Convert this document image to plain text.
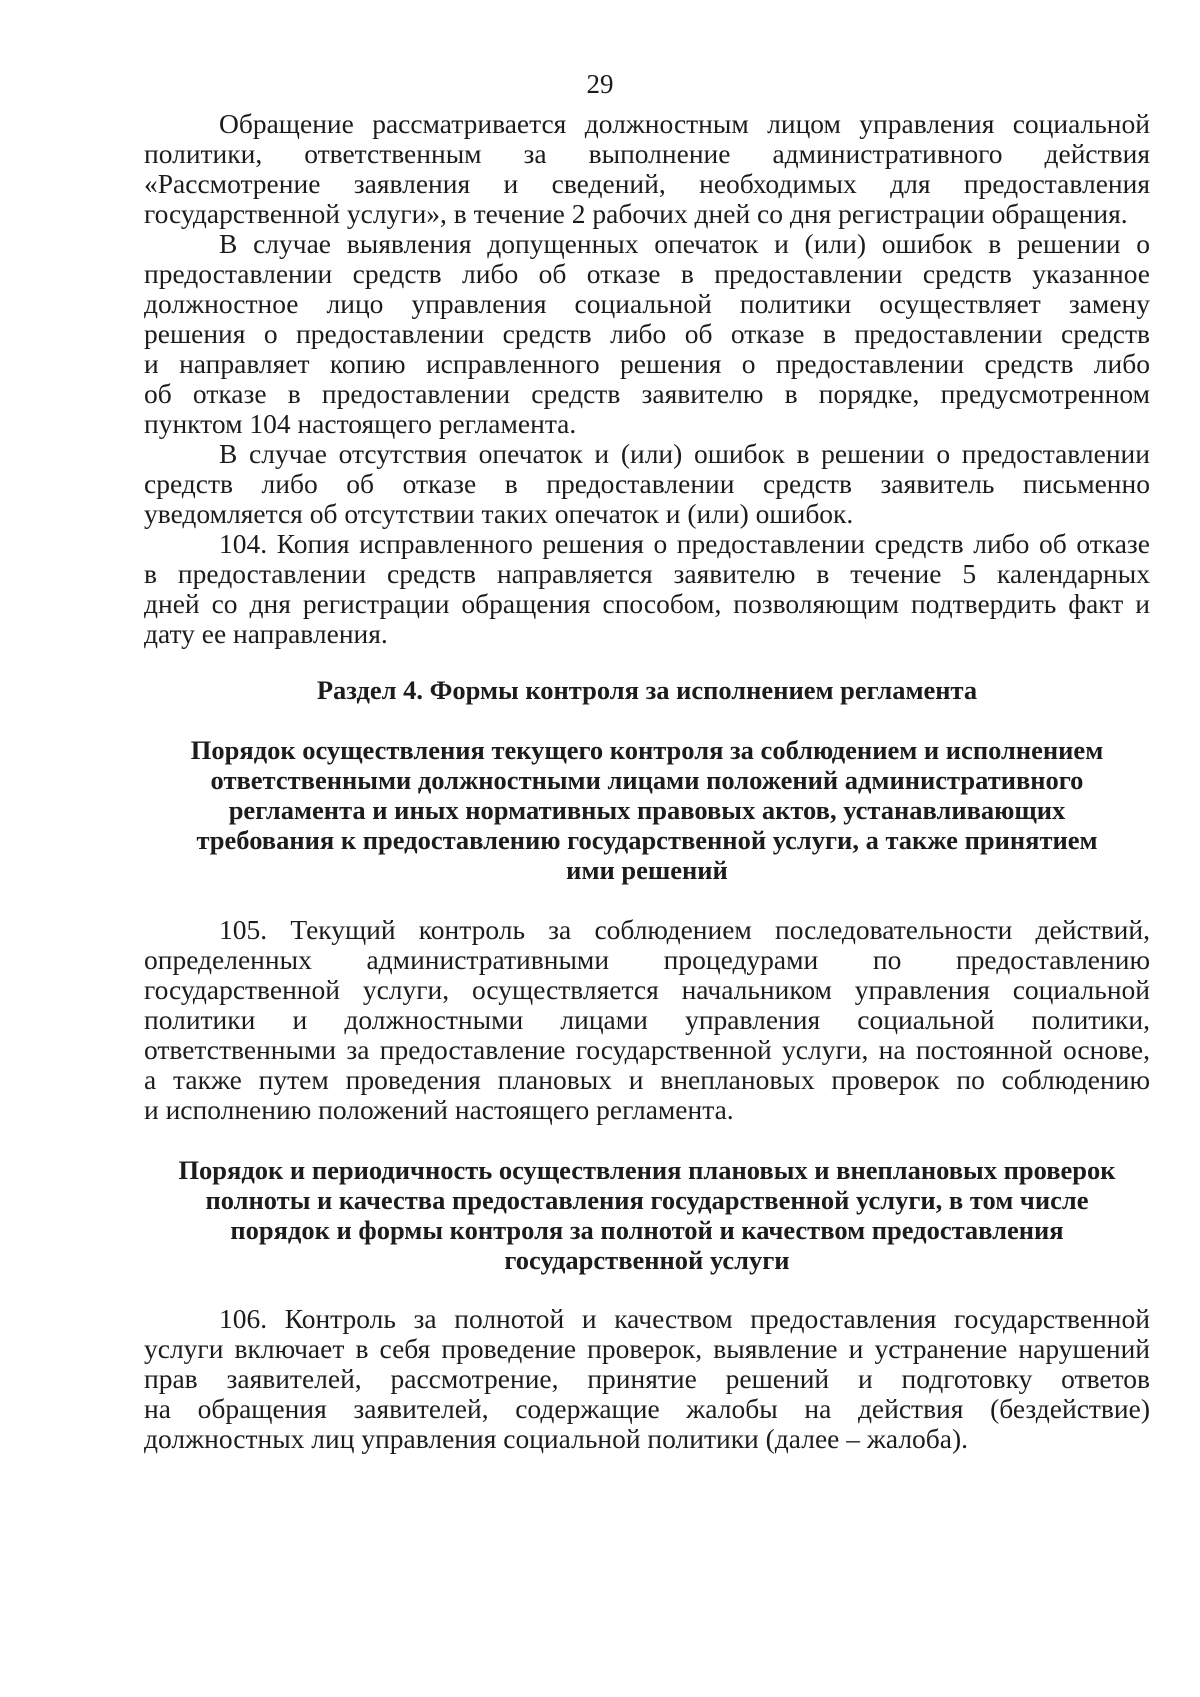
29
Обращение рассматривается должностным лицом управления социальной
политики, ответственным за выполнение административного действия
«Рассмотрение заявления и сведений, необходимых для предоставления
государственной услуги», в течение 2 рабочих дней со дня регистрации обращения.
В случае выявления допущенных опечаток и (или) ошибок в решении о
предоставлении средств либо об отказе в предоставлении средств указанное
должностное лицо управления социальной политики осуществляет замену
решения о предоставлении средств либо об отказе в предоставлении средств
и направляет копию исправленного решения о предоставлении средств либо
об отказе в предоставлении средств заявителю в порядке, предусмотренном
пунктом 104 настоящего регламента.
В случае отсутствия опечаток и (или) ошибок в решении о предоставлении
средств либо об отказе в предоставлении средств заявитель письменно
уведомляется об отсутствии таких опечаток и (или) ошибок.
104. Копия исправленного решения о предоставлении средств либо об отказе
в предоставлении средств направляется заявителю в течение 5 календарных
дней со дня регистрации обращения способом, позволяющим подтвердить факт и
дату ее направления.
Раздел 4. Формы контроля за исполнением регламента
Порядок осуществления текущего контроля за соблюдением и исполнением
ответственными должностными лицами положений административного
регламента и иных нормативных правовых актов, устанавливающих
требования к предоставлению государственной услуги, а также принятием
ими решений
105. Текущий контроль за соблюдением последовательности действий,
определенных административными процедурами по предоставлению
государственной услуги, осуществляется начальником управления социальной
политики и должностными лицами управления социальной политики,
ответственными за предоставление государственной услуги, на постоянной основе,
а также путем проведения плановых и внеплановых проверок по соблюдению
и исполнению положений настоящего регламента.
Порядок и периодичность осуществления плановых и внеплановых проверок
полноты и качества предоставления государственной услуги, в том числе
порядок и формы контроля за полнотой и качеством предоставления
государственной услуги
106. Контроль за полнотой и качеством предоставления государственной
услуги включает в себя проведение проверок, выявление и устранение нарушений
прав заявителей, рассмотрение, принятие решений и подготовку ответов
на обращения заявителей, содержащие жалобы на действия (бездействие)
должностных лиц управления социальной политики (далее – жалоба).
